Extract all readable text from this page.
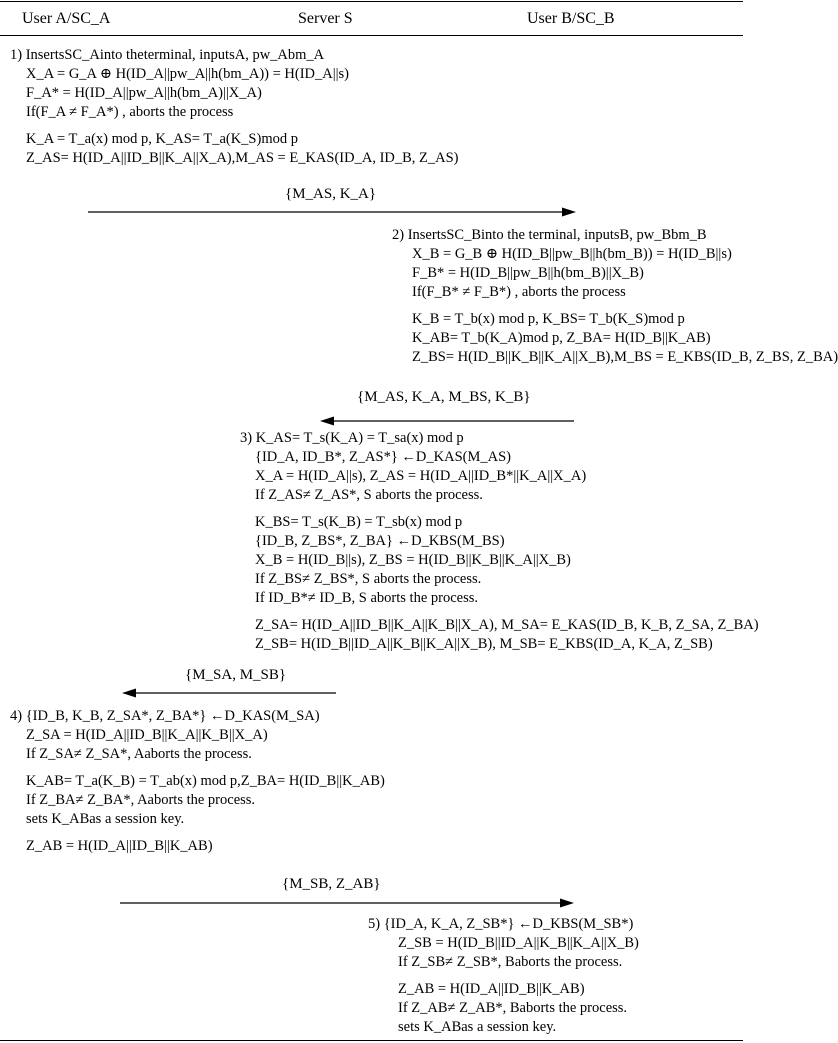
User A/SC_A	Server S	User B/SC_B
1) InsertsSC_Ainto theterminal, inputsA, pw_Abm_A
X_A = G_A ⊕ H(ID_A||pw_A||h(bm_A)) = H(ID_A||s)
F_A* = H(ID_A||pw_A||h(bm_A)||X_A)
If(F_A ≠ F_A*) , aborts the process
K_A = T_a(x) mod p, K_AS= T_a(K_S)mod p
Z_AS= H(ID_A||ID_B||K_A||X_A),M_AS = E_KAS(ID_A, ID_B, Z_AS)
{M_AS, K_A}
2) InsertsSC_Binto the terminal, inputsB, pw_Bbm_B
X_B = G_B ⊕ H(ID_B||pw_B||h(bm_B)) = H(ID_B||s)
F_B* = H(ID_B||pw_B||h(bm_B)||X_B)
If(F_B* ≠ F_B*) , aborts the process
K_B = T_b(x) mod p, K_BS= T_b(K_S)mod p
K_AB= T_b(K_A)mod p, Z_BA= H(ID_B||K_AB)
Z_BS= H(ID_B||K_B||K_A||X_B),M_BS = E_KBS(ID_B, Z_BS, Z_BA)
{M_AS, K_A, M_BS, K_B}
3) K_AS= T_s(K_A) = T_sa(x) mod p
{ID_A, ID_B*, Z_AS*} ←D_KAS(M_AS)
X_A = H(ID_A||s), Z_AS = H(ID_A||ID_B*||K_A||X_A)
If Z_AS≠ Z_AS*, S aborts the process.
K_BS= T_s(K_B) = T_sb(x) mod p
{ID_B, Z_BS*, Z_BA} ←D_KBS(M_BS)
X_B = H(ID_B||s), Z_BS = H(ID_B||K_B||K_A||X_B)
If Z_BS≠ Z_BS*, S aborts the process.
If ID_B*≠ ID_B, S aborts the process.
Z_SA= H(ID_A||ID_B||K_A||K_B||X_A), M_SA= E_KAS(ID_B, K_B, Z_SA, Z_BA)
Z_SB= H(ID_B||ID_A||K_B||K_A||X_B), M_SB= E_KBS(ID_A, K_A, Z_SB)
{M_SA, M_SB}
4) {ID_B, K_B, Z_SA*, Z_BA*} ←D_KAS(M_SA)
Z_SA = H(ID_A||ID_B||K_A||K_B||X_A)
If Z_SA≠ Z_SA*, Aaborts the process.
K_AB= T_a(K_B) = T_ab(x) mod p,Z_BA= H(ID_B||K_AB)
If Z_BA≠ Z_BA*, Aaborts the process.
sets K_ABas a session key.
Z_AB = H(ID_A||ID_B||K_AB)
{M_SB, Z_AB}
5) {ID_A, K_A, Z_SB*} ←D_KBS(M_SB*)
Z_SB = H(ID_B||ID_A||K_B||K_A||X_B)
If Z_SB≠ Z_SB*, Baborts the process.
Z_AB = H(ID_A||ID_B||K_AB)
If Z_AB≠ Z_AB*, Baborts the process.
sets K_ABas a session key.
